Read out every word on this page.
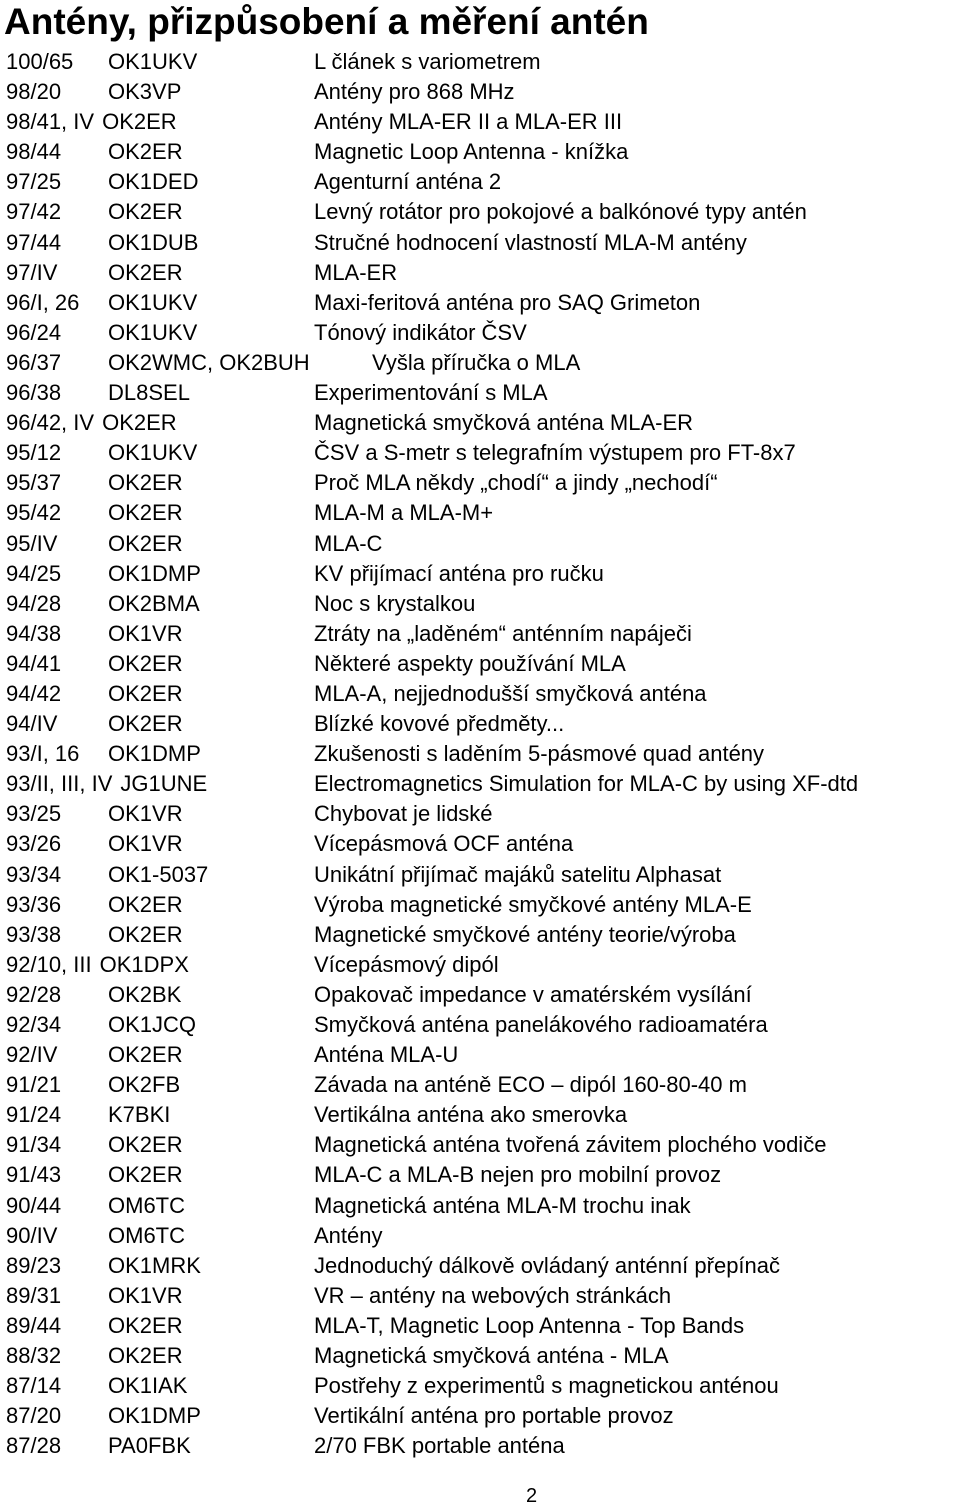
Antény, přizpůsobení a měření antén
100/65 OK1UKV	L článek s variometrem
98/20 OK3VP	Antény pro 868 MHz
98/41, IV OK2ER	Antény MLA-ER II a MLA-ER III
98/44 OK2ER	Magnetic Loop Antenna - knížka
97/25 OK1DED	Agenturní anténa 2
97/42 OK2ER	Levný rotátor pro pokojové a balkónové typy antén
97/44 OK1DUB	Stručné hodnocení vlastností MLA-M antény
97/IV OK2ER	MLA-ER
96/I, 26 OK1UKV	Maxi-feritová anténa pro SAQ Grimeton
96/24 OK1UKV	Tónový indikátor ČSV
96/37 OK2WMC, OK2BUH	Vyšla příručka o MLA
96/38 DL8SEL	Experimentování s MLA
96/42, IV OK2ER	Magnetická smyčková anténa MLA-ER
95/12 OK1UKV	ČSV a S-metr s telegrafním výstupem pro FT-8x7
95/37 OK2ER	Proč MLA někdy „chodí“ a jindy „nechodí“
95/42 OK2ER	MLA-M a MLA-M+
95/IV OK2ER	MLA-C
94/25 OK1DMP	KV přijímací anténa pro ručku
94/28 OK2BMA	Noc s krystalkou
94/38 OK1VR	Ztráty na „laděném“ anténním napáječi
94/41 OK2ER	Některé aspekty používání MLA
94/42 OK2ER	MLA-A, nejjednodušší smyčková anténa
94/IV OK2ER	Blízké kovové předměty...
93/I, 16 OK1DMP	Zkušenosti s laděním 5-pásmové quad antény
93/II, III, IV JG1UNE	Electromagnetics Simulation for MLA-C by using XF-dtd
93/25 OK1VR	Chybovat je lidské
93/26 OK1VR	Vícepásmová OCF anténa
93/34 OK1-5037	Unikátní přijímač majáků satelitu Alphasat
93/36 OK2ER	Výroba magnetické smyčkové antény MLA-E
93/38 OK2ER	Magnetické smyčkové antény teorie/výroba
92/10, III OK1DPX	Vícepásmový dipól
92/28 OK2BK	Opakovač impedance v amatérském vysílání
92/34 OK1JCQ	Smyčková anténa panelákového radioamatéra
92/IV OK2ER	Anténa MLA-U
91/21 OK2FB	Závada na anténě ECO – dipól 160-80-40 m
91/24 K7BKI	Vertikálna anténa ako smerovka
91/34 OK2ER	Magnetická anténa tvořená závitem plochého vodiče
91/43 OK2ER	MLA-C a MLA-B nejen pro mobilní provoz
90/44 OM6TC	Magnetická anténa MLA-M trochu inak
90/IV OM6TC	Antény
89/23 OK1MRK	Jednoduchý dálkově ovládaný anténní přepínač
89/31 OK1VR	VR – antény na webových stránkách
89/44 OK2ER	MLA-T, Magnetic Loop Antenna - Top Bands
88/32 OK2ER	Magnetická smyčková anténa - MLA
87/14 OK1IAK	Postřehy z experimentů s magnetickou anténou
87/20 OK1DMP	Vertikální anténa pro portable provoz
87/28 PA0FBK	2/70 FBK portable anténa
2
